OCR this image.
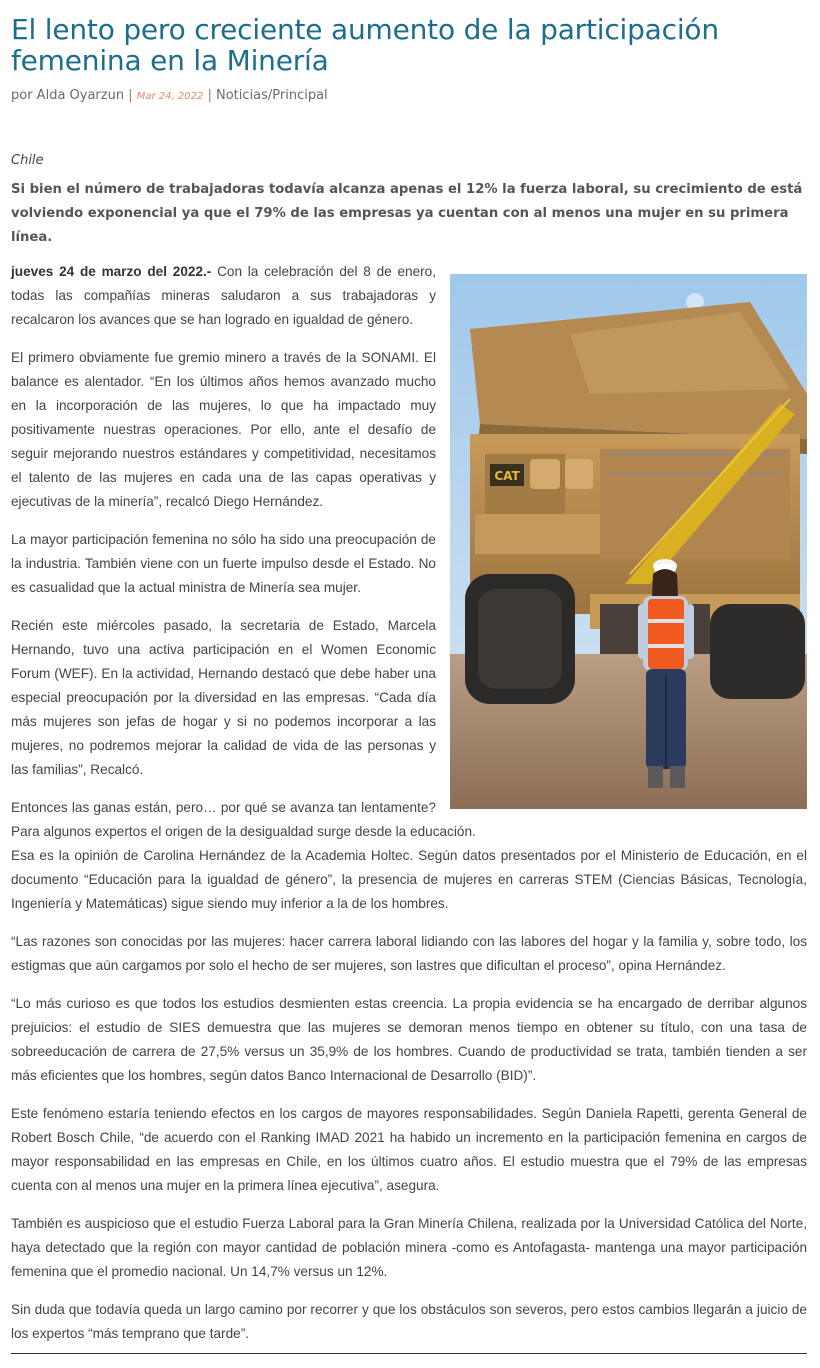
El lento pero creciente aumento de la participación femenina en la Minería
por Alda Oyarzun | Mar 24, 2022 | Noticias/Principal
Chile
Si bien el número de trabajadoras todavía alcanza apenas el 12% la fuerza laboral, su crecimiento de está volviendo exponencial ya que el 79% de las empresas ya cuentan con al menos una mujer en su primera línea.
CAT

jueves 24 de marzo del 2022.- Con la celebración del 8 de enero, todas las compañías mineras saludaron a sus trabajadoras y recalcaron los avances que se han logrado en igualdad de género.

El primero obviamente fue gremio minero a través de la SONAMI. El balance es alentador. “En los últimos años hemos avanzado mucho en la incorporación de las mujeres, lo que ha impactado muy positivamente nuestras operaciones. Por ello, ante el desafío de seguir mejorando nuestros estándares y competitividad, necesitamos el talento de las mujeres en cada una de las capas operativas y ejecutivas de la minería”, recalcó Diego Hernández.

La mayor participación femenina no sólo ha sido una preocupación de la industria. También viene con un fuerte impulso desde el Estado. No es casualidad que la actual ministra de Minería sea mujer.

Recién este miércoles pasado, la secretaria de Estado, Marcela Hernando, tuvo una activa participación en el Women Economic Forum (WEF). En la actividad, Hernando destacó que debe haber una especial preocupación por la diversidad en las empresas. “Cada día más mujeres son jefas de hogar y si no podemos incorporar a las mujeres, no podremos mejorar la calidad de vida de las personas y las familias”, Recalcó.

Entonces las ganas están, pero… por qué se avanza tan lentamente? Para algunos expertos el origen de la desigualdad surge desde la educación.

Esa es la opinión de Carolina Hernández de la Academia Holtec. Según datos presentados por el Ministerio de Educación, en el documento “Educación para la igualdad de género”, la presencia de mujeres en carreras STEM (Ciencias Básicas, Tecnología, Ingeniería y Matemáticas) sigue siendo muy inferior a la de los hombres.

“Las razones son conocidas por las mujeres: hacer carrera laboral lidiando con las labores del hogar y la familia y, sobre todo, los estigmas que aún cargamos por solo el hecho de ser mujeres, son lastres que dificultan el proceso”, opina Hernández.

“Lo más curioso es que todos los estudios desmienten estas creencia. La propia evidencia se ha encargado de derribar algunos prejuicios: el estudio de SIES demuestra que las mujeres se demoran menos tiempo en obtener su título, con una tasa de sobreeducación de carrera de 27,5% versus un 35,9% de los hombres. Cuando de productividad se trata, también tienden a ser más eficientes que los hombres, según datos Banco Internacional de Desarrollo (BID)”.

Este fenómeno estaría teniendo efectos en los cargos de mayores responsabilidades. Según Daniela Rapetti, gerenta General de Robert Bosch Chile, “de acuerdo con el Ranking IMAD 2021 ha habido un incremento en la participación femenina en cargos de mayor responsabilidad en las empresas en Chile, en los últimos cuatro años. El estudio muestra que el 79% de las empresas cuenta con al menos una mujer en la primera línea ejecutiva”, asegura.

También es auspicioso que el estudio Fuerza Laboral para la Gran Minería Chilena, realizada por la Universidad Católica del Norte, haya detectado que la región con mayor cantidad de población minera -como es Antofagasta- mantenga una mayor participación femenina que el promedio nacional. Un 14,7% versus un 12%.

Sin duda que todavía queda un largo camino por recorrer y que los obstáculos son severos, pero estos cambios llegarán a juicio de los expertos “más temprano que tarde”.
